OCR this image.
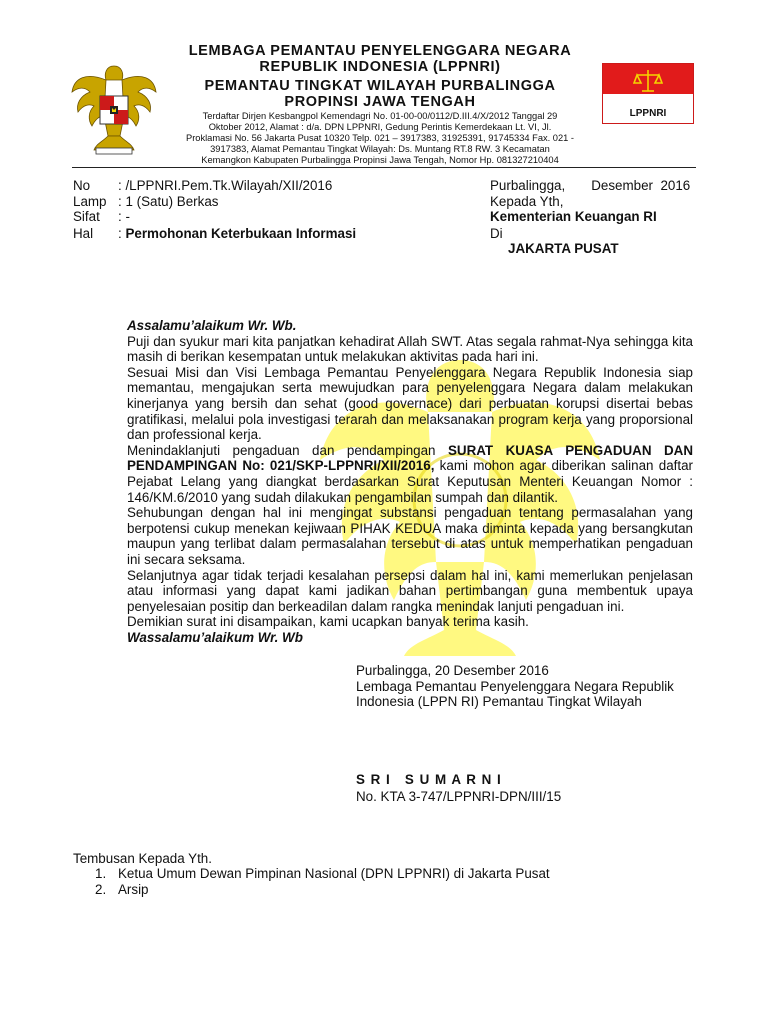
LPPNRI
LEMBAGA PEMANTAU PENYELENGGARA NEGARA
REPUBLIK INDONESIA (LPPNRI)
PEMANTAU TINGKAT WILAYAH PURBALINGGA
PROPINSI JAWA TENGAH
Terdaftar Dirjen Kesbangpol Kemendagri No. 01-00-00/0112/D.III.4/X/2012 Tanggal 29
Oktober 2012, Alamat : d/a. DPN LPPNRI, Gedung Perintis Kemerdekaan Lt. VI, Jl.
Proklamasi No. 56 Jakarta Pusat 10320 Telp. 021 – 3917383, 31925391, 91745334 Fax. 021 -
3917383, Alamat Pemantau Tingkat Wilayah: Ds. Muntang RT.8 RW. 3 Kecamatan
Kemangkon Kabupaten Purbalingga Propinsi Jawa Tengah, Nomor Hp. 081327210404
No : /LPPNRI.Pem.Tk.Wilayah/XII/2016
Lamp : 1 (Satu) Berkas
Sifat : -
Hal : Permohonan Keterbukaan Informasi
Purbalingga,       Desember  2016
Kepada Yth,
Kementerian Keuangan RI
Di
JAKARTA PUSAT

Assalamu’alaikum Wr. Wb.

Puji dan syukur mari kita panjatkan kehadirat Allah SWT. Atas segala rahmat-Nya sehingga kita masih di berikan kesempatan untuk melakukan aktivitas pada hari ini.

Sesuai Misi dan Visi Lembaga Pemantau Penyelenggara Negara Republik Indonesia siap memantau, mengajukan serta mewujudkan para penyelenggara Negara dalam melakukan kinerjanya yang bersih dan sehat (good governace) dari perbuatan korupsi disertai bebas gratifikasi, melalui pola investigasi terarah dan melaksanakan program kerja yang proporsional dan professional kerja.

Menindaklanjuti pengaduan dan pendampingan SURAT KUASA PENGADUAN DAN PENDAMPINGAN No: 021/SKP-LPPNRI/XII/2016, kami mohon agar diberikan salinan daftar Pejabat Lelang yang diangkat berdasarkan Surat Keputusan Menteri Keuangan Nomor : 146/KM.6/2010 yang sudah dilakukan pengambilan sumpah dan dilantik.

Sehubungan dengan hal ini mengingat substansi pengaduan tentang permasalahan yang berpotensi cukup menekan kejiwaan PIHAK KEDUA maka diminta kepada yang bersangkutan maupun yang terlibat dalam permasalahan tersebut di atas untuk memperhatikan pengaduan ini secara seksama.

Selanjutnya agar tidak terjadi kesalahan persepsi dalam hal ini, kami memerlukan penjelasan atau informasi yang dapat kami jadikan bahan pertimbangan guna membentuk upaya penyelesaian positip dan berkeadilan dalam rangka menindak lanjuti pengaduan ini.

Demikian surat ini disampaikan, kami ucapkan banyak terima kasih.

Wassalamu’alaikum Wr. Wb

Purbalingga, 20 Desember 2016
Lembaga Pemantau Penyelenggara Negara Republik
Indonesia (LPPN RI) Pemantau Tingkat Wilayah
S R I   S U M A R N I
No. KTA 3-747/LPPNRI-DPN/III/15
Tembusan Kepada Yth.
1. Ketua Umum Dewan Pimpinan Nasional (DPN LPPNRI) di Jakarta Pusat
2. Arsip
